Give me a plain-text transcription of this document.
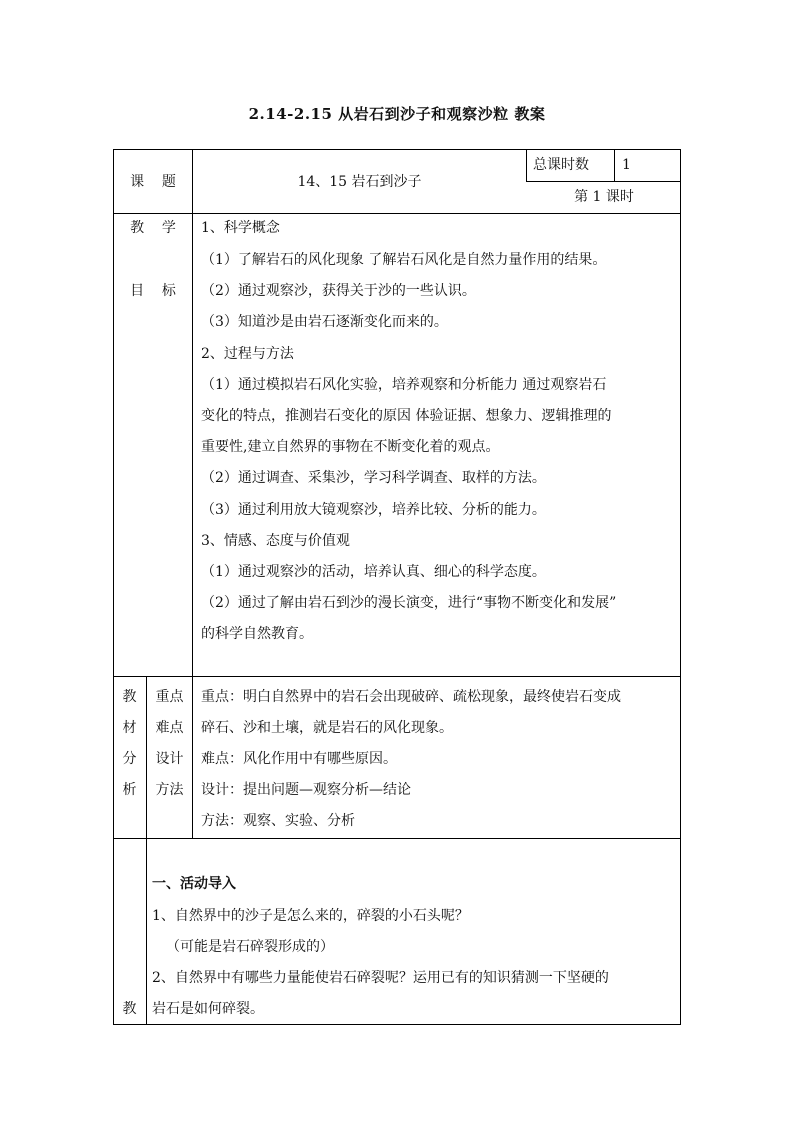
2.14-2.15 从岩石到沙子和观察沙粒 教案
课    题	14、15 岩石到沙子
总课时数 1
第 1 课时
教    学
目    标
1、科学概念
（1）了解岩石的风化现象 了解岩石风化是自然力量作用的结果。
（2）通过观察沙，获得关于沙的一些认识。
（3）知道沙是由岩石逐渐变化而来的。
2、过程与方法
（1）通过模拟岩石风化实验，培养观察和分析能力 通过观察岩石
变化的特点，推测岩石变化的原因 体验证据、想象力、逻辑推理的
重要性,建立自然界的事物在不断变化着的观点。
（2）通过调查、采集沙，学习科学调查、取样的方法。
（3）通过利用放大镜观察沙，培养比较、分析的能力。
3、情感、态度与价值观
（1）通过观察沙的活动，培养认真、细心的科学态度。
（2）通过了解由岩石到沙的漫长演变，进行“事物不断变化和发展”
的科学自然教育。
教
材
分
析
重点
难点
设计
方法
重点：明白自然界中的岩石会出现破碎、疏松现象，最终使岩石变成
碎石、沙和土壤，就是岩石的风化现象。
难点：风化作用中有哪些原因。
设计：提出问题—观察分析—结论
方法：观察、实验、分析
教
一、活动导入
1、自然界中的沙子是怎么来的，碎裂的小石头呢？
（可能是岩石碎裂形成的）
2、自然界中有哪些力量能使岩石碎裂呢？运用已有的知识猜测一下坚硬的
岩石是如何碎裂。
